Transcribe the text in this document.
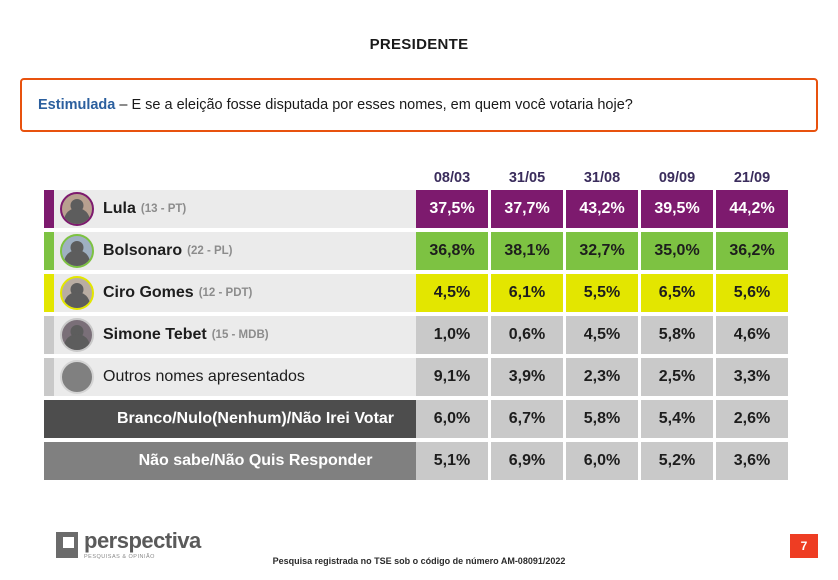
PRESIDENTE
Estimulada – E se a eleição fosse disputada por esses nomes, em quem você votaria hoje?
08/03	31/05	31/08	09/09	21/09
Lula (13 - PT)	37,5%	37,7%	43,2%	39,5%	44,2%
Bolsonaro (22 - PL)	36,8%	38,1%	32,7%	35,0%	36,2%
Ciro Gomes (12 - PDT)	4,5%	6,1%	5,5%	6,5%	5,6%
Simone Tebet (15 - MDB)	1,0%	0,6%	4,5%	5,8%	4,6%
Outros nomes apresentados	9,1%	3,9%	2,3%	2,5%	3,3%
Branco/Nulo(Nenhum)/Não Irei Votar	6,0%	6,7%	5,8%	5,4%	2,6%
Não sabe/Não Quis Responder	5,1%	6,9%	6,0%	5,2%	3,6%
perspectiva
PESQUISAS & OPINIÃO	Pesquisa registrada no TSE sob o código de número AM-08091/2022
7
